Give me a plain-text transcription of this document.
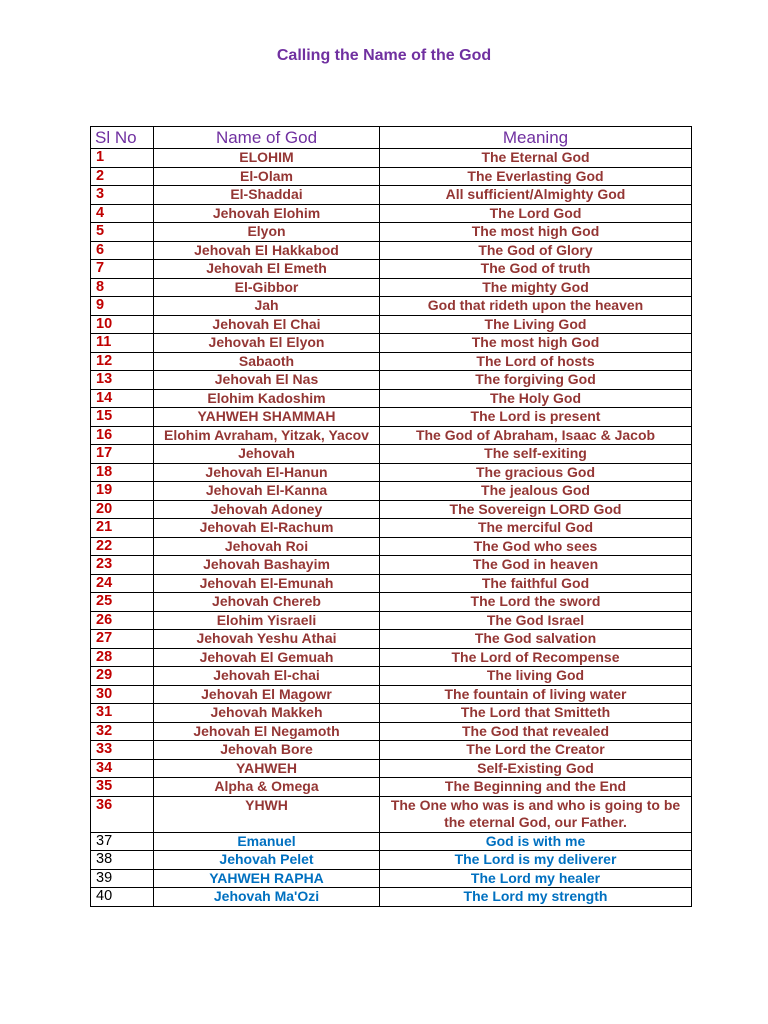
Calling the Name of the God
Sl No	Name of God	Meaning
1	ELOHIM	The Eternal God
2	El-Olam	The Everlasting God
3	El-Shaddai	All sufficient/Almighty God
4	Jehovah Elohim	The Lord God
5	Elyon	The most high God
6	Jehovah El Hakkabod	The God of Glory
7	Jehovah El Emeth	The God of truth
8	El-Gibbor	The mighty God
9	Jah	God that rideth upon the heaven
10	Jehovah El Chai	The Living God
11	Jehovah El Elyon	The most high God
12	Sabaoth	The Lord of hosts
13	Jehovah El Nas	The forgiving God
14	Elohim Kadoshim	The Holy God
15	YAHWEH SHAMMAH	The Lord is present
16	Elohim Avraham, Yitzak, Yacov	The God of Abraham, Isaac & Jacob
17	Jehovah	The self-exiting
18	Jehovah El-Hanun	The gracious God
19	Jehovah El-Kanna	The jealous God
20	Jehovah Adoney	The Sovereign LORD God
21	Jehovah El-Rachum	The merciful God
22	Jehovah Roi	The God who sees
23	Jehovah Bashayim	The God in heaven
24	Jehovah El-Emunah	The faithful God
25	Jehovah Chereb	The Lord the sword
26	Elohim Yisraeli	The God Israel
27	Jehovah Yeshu Athai	The God salvation
28	Jehovah El Gemuah	The Lord of Recompense
29	Jehovah El-chai	The living God
30	Jehovah El Magowr	The fountain of living water
31	Jehovah Makkeh	The Lord that Smitteth
32	Jehovah El Negamoth	The God that revealed
33	Jehovah Bore	The Lord the Creator
34	YAHWEH	Self-Existing God
35	Alpha & Omega	The Beginning and the End
36	YHWH	The One who was is and who is going to be the eternal God, our Father.
37	Emanuel	God is with me
38	Jehovah Pelet	The Lord is my deliverer
39	YAHWEH RAPHA	The Lord my healer
40	Jehovah Ma'Ozi	The Lord my strength
